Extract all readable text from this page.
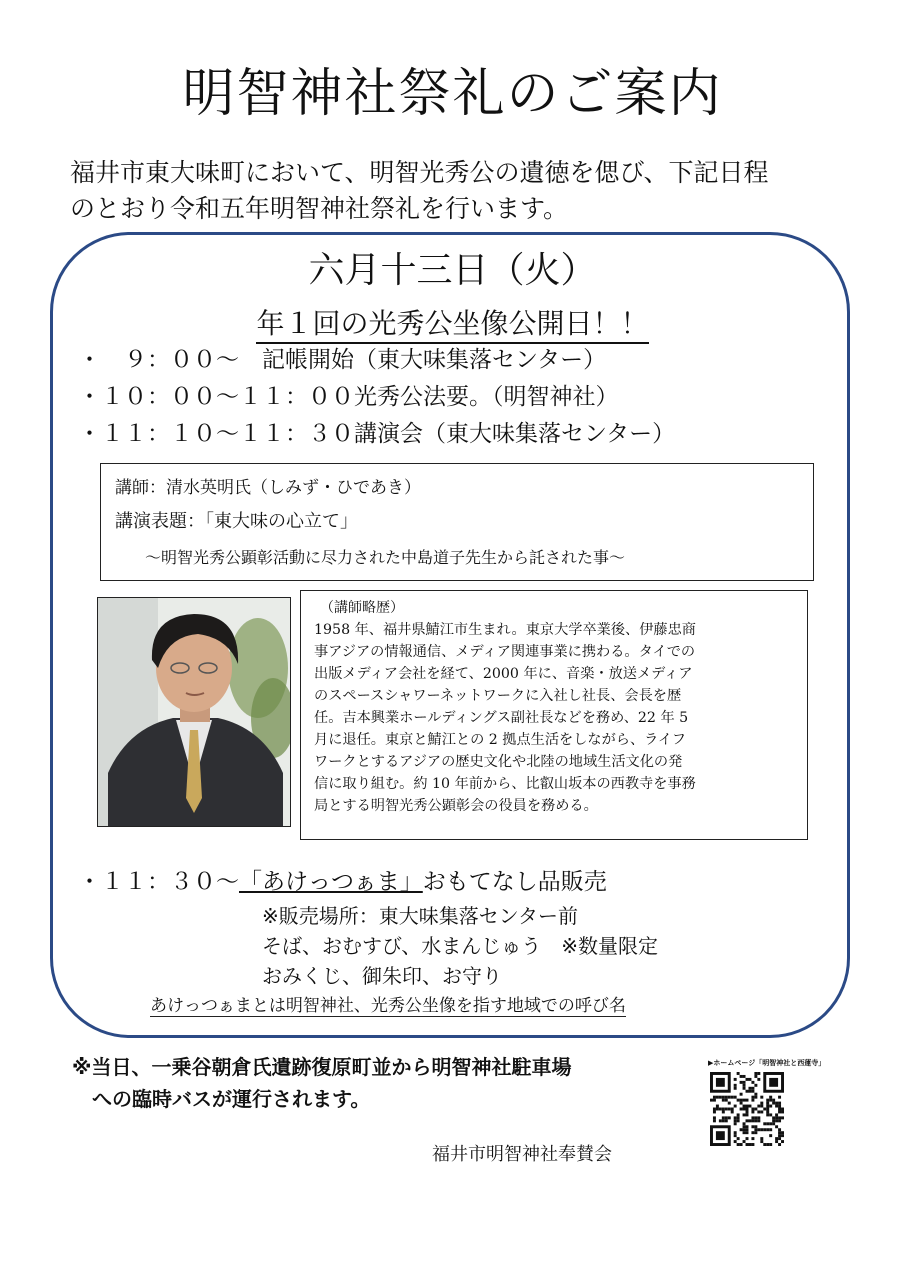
明智神社祭礼のご案内
福井市東大味町において、明智光秀公の遺徳を偲び、下記日程
のとおり令和五年明智神社祭礼を行います。
六月十三日（火）
年１回の光秀公坐像公開日！！
・　９：００～　記帳開始（東大味集落センター）
・１０：００～１１：００光秀公法要。（明智神社）
・１１：１０～１１：３０講演会（東大味集落センター）
講師：清水英明氏（しみず・ひであき）
講演表題：「東大味の心立て」
～明智光秀公顕彰活動に尽力された中島道子先生から託された事～
（講師略歴）
1958 年、福井県鯖江市生まれ。東京大学卒業後、伊藤忠商
事アジアの情報通信、メディア関連事業に携わる。タイでの
出版メディア会社を経て、2000 年に、音楽・放送メディア
のスペースシャワーネットワークに入社し社長、会長を歴
任。吉本興業ホールディングス副社長などを務め、22 年 5
月に退任。東京と鯖江との 2 拠点生活をしながら、ライフ
ワークとするアジアの歴史文化や北陸の地域生活文化の発
信に取り組む。約 10 年前から、比叡山坂本の西教寺を事務
局とする明智光秀公顕彰会の役員を務める。
・１１：３０～「あけっつぁま」おもてなし品販売
※販売場所：東大味集落センター前
そば、おむすび、水まんじゅう　※数量限定
おみくじ、御朱印、お守り
あけっつぁまとは明智神社、光秀公坐像を指す地域での呼び名
※当日、一乗谷朝倉氏遺跡復原町並から明智神社駐車場
への臨時バスが運行されます。
▶ホームページ「明智神社と西蓮寺」
福井市明智神社奉賛会
